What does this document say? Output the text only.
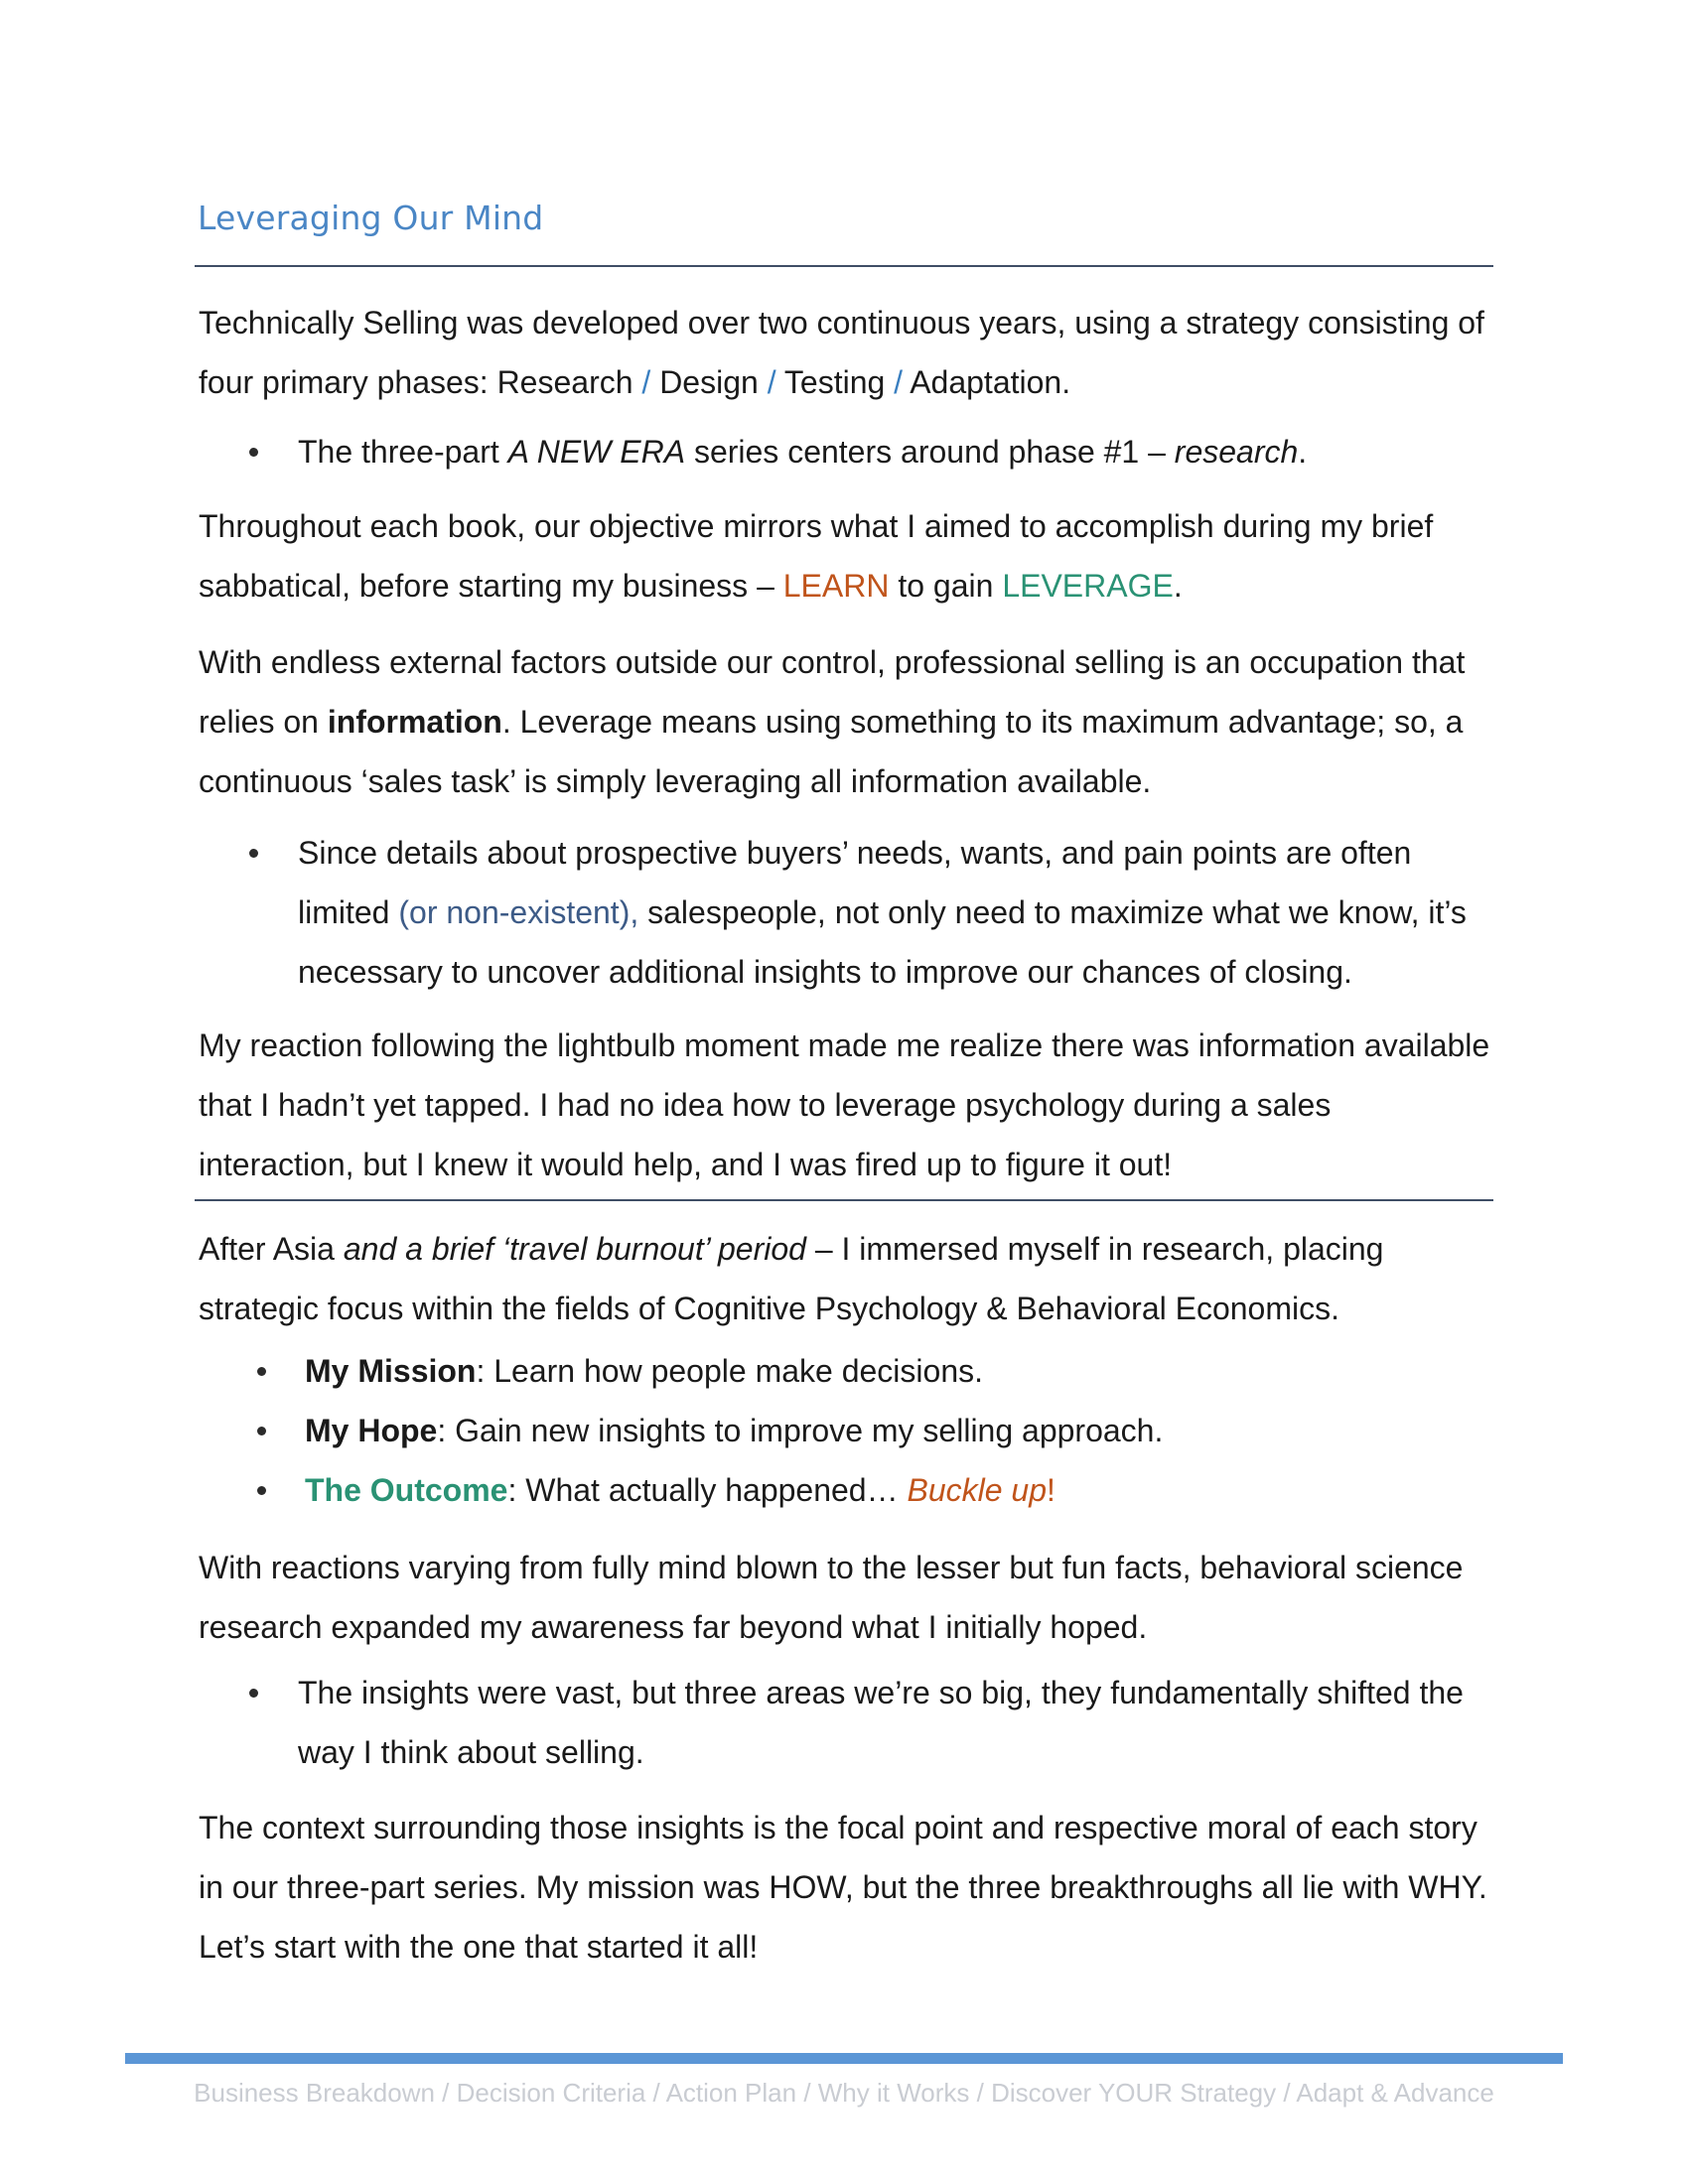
Leveraging Our Mind

Technically Selling was developed over two continuous years, using a strategy consisting of four primary phases: Research / Design / Testing / Adaptation.

The three-part A NEW ERA series centers around phase #1 – research.

Throughout each book, our objective mirrors what I aimed to accomplish during my brief sabbatical, before starting my business – LEARN to gain LEVERAGE.

With endless external factors outside our control, professional selling is an occupation that relies on information. Leverage means using something to its maximum advantage; so, a continuous ‘sales task’ is simply leveraging all information available.

Since details about prospective buyers’ needs, wants, and pain points are often limited (or non-existent), salespeople, not only need to maximize what we know, it’s necessary to uncover additional insights to improve our chances of closing.

My reaction following the lightbulb moment made me realize there was information available that I hadn’t yet tapped. I had no idea how to leverage psychology during a sales interaction, but I knew it would help, and I was fired up to figure it out!

After Asia and a brief ‘travel burnout’ period – I immersed myself in research, placing strategic focus within the fields of Cognitive Psychology & Behavioral Economics.

My Mission: Learn how people make decisions.
My Hope: Gain new insights to improve my selling approach.
The Outcome: What actually happened… Buckle up!

With reactions varying from fully mind blown to the lesser but fun facts, behavioral science research expanded my awareness far beyond what I initially hoped.

The insights were vast, but three areas we’re so big, they fundamentally shifted the way I think about selling.

The context surrounding those insights is the focal point and respective moral of each story in our three-part series. My mission was HOW, but the three breakthroughs all lie with WHY. Let’s start with the one that started it all!

Business Breakdown / Decision Criteria / Action Plan / Why it Works / Discover YOUR Strategy / Adapt & Advance
